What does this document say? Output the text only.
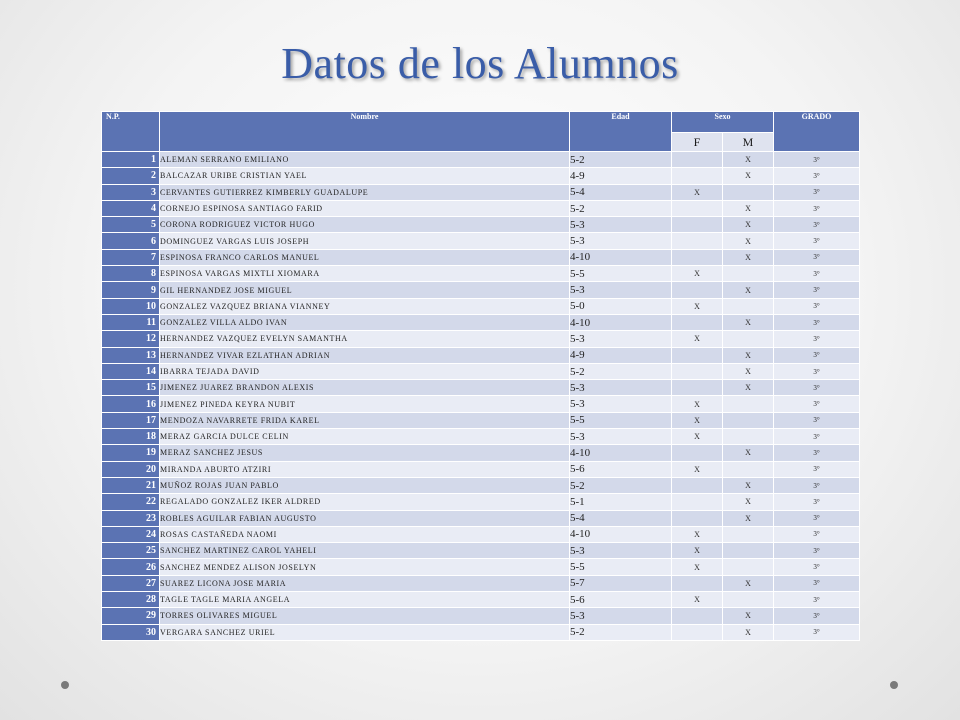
Datos de los Alumnos
N.P.	Nombre	Edad	Sexo		GRADO
			F	M	
1	ALEMAN SERRANO EMILIANO	5-2		X	3°
2	BALCAZAR URIBE CRISTIAN YAEL	4-9		X	3°
3	CERVANTES GUTIERREZ KIMBERLY GUADALUPE	5-4	X		3°
4	CORNEJO ESPINOSA SANTIAGO FARID	5-2		X	3°
5	CORONA RODRIGUEZ VICTOR HUGO	5-3		X	3°
6	DOMINGUEZ VARGAS LUIS JOSEPH	5-3		X	3°
7	ESPINOSA FRANCO CARLOS MANUEL	4-10		X	3°
8	ESPINOSA VARGAS MIXTLI XIOMARA	5-5	X		3°
9	GIL HERNANDEZ JOSE MIGUEL	5-3		X	3°
10	GONZALEZ VAZQUEZ BRIANA VIANNEY	5-0	X		3°
11	GONZALEZ VILLA ALDO IVAN	4-10		X	3°
12	HERNANDEZ VAZQUEZ EVELYN SAMANTHA	5-3	X		3°
13	HERNANDEZ VIVAR EZLATHAN ADRIAN	4-9		X	3°
14	IBARRA TEJADA DAVID	5-2		X	3°
15	JIMENEZ JUAREZ BRANDON ALEXIS	5-3		X	3°
16	JIMENEZ PINEDA KEYRA NUBIT	5-3	X		3°
17	MENDOZA NAVARRETE FRIDA KAREL	5-5	X		3°
18	MERAZ GARCIA DULCE CELIN	5-3	X		3°
19	MERAZ SANCHEZ JESUS	4-10		X	3°
20	MIRANDA ABURTO ATZIRI	5-6	X		3°
21	MUÑOZ ROJAS JUAN PABLO	5-2		X	3°
22	REGALADO GONZALEZ IKER ALDRED	5-1		X	3°
23	ROBLES AGUILAR FABIAN AUGUSTO	5-4		X	3°
24	ROSAS CASTAÑEDA NAOMI	4-10	X		3°
25	SANCHEZ MARTINEZ CAROL YAHELI	5-3	X		3°
26	SANCHEZ MENDEZ ALISON JOSELYN	5-5	X		3°
27	SUAREZ LICONA JOSE MARIA	5-7		X	3°
28	TAGLE TAGLE MARIA ANGELA	5-6	X		3°
29	TORRES OLIVARES MIGUEL	5-3		X	3°
30	VERGARA SANCHEZ URIEL	5-2		X	3°
